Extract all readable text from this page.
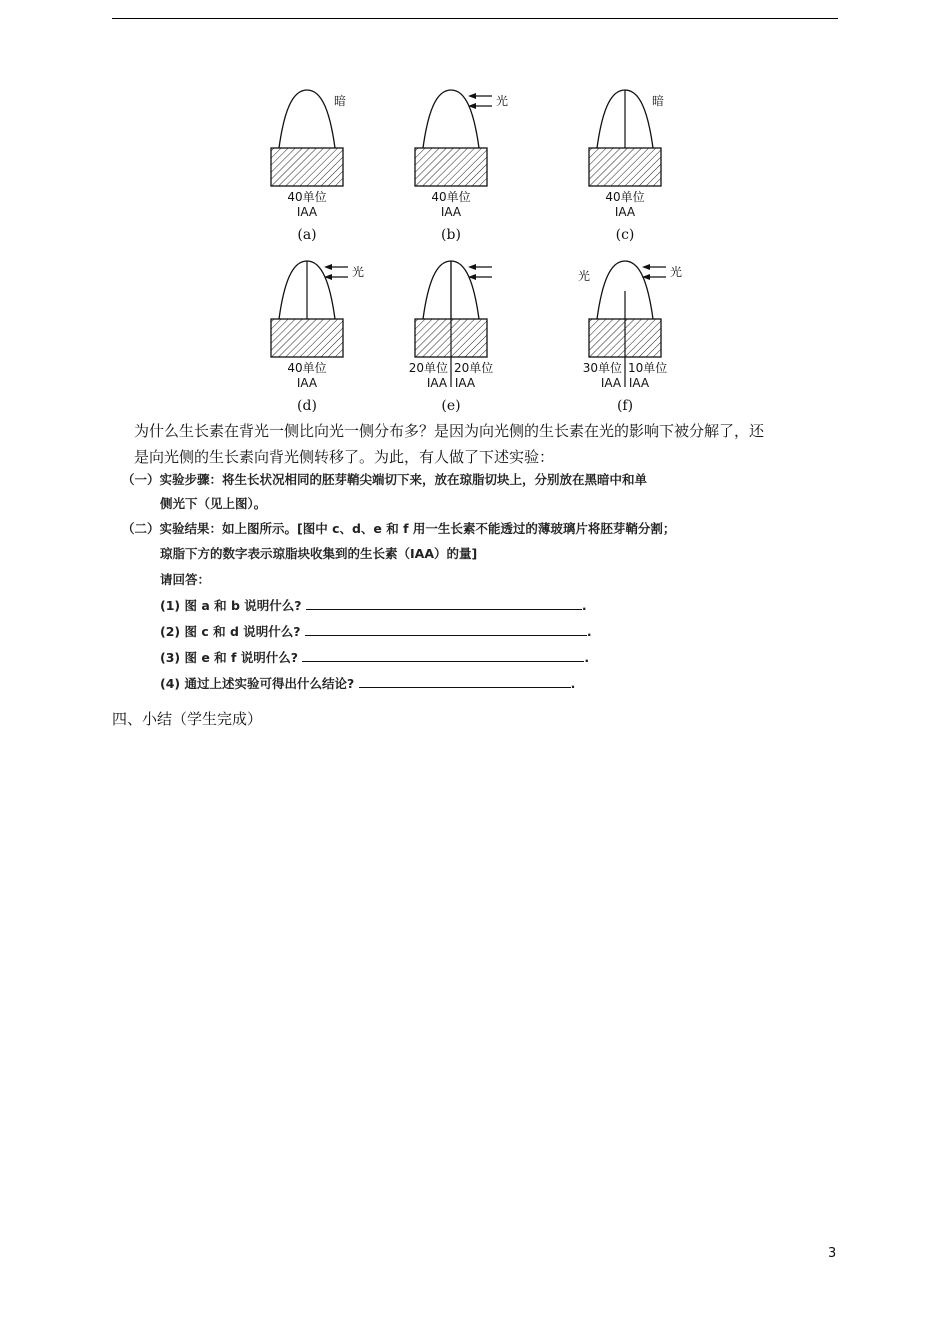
暗
40单位
IAA
(a)
光
40单位
IAA
(b)
暗
40单位
IAA
(c)
光
40单位
IAA
(d)
20单位
IAA
20单位
IAA
(e)
光
光
30单位
IAA
10单位
IAA
(f)
为什么生长素在背光一侧比向光一侧分布多？是因为向光侧的生长素在光的影响下被分解了，还
是向光侧的生长素向背光侧转移了。为此，有人做了下述实验：
（一）实验步骤：将生长状况相同的胚芽鞘尖端切下来，放在琼脂切块上，分别放在黑暗中和单
侧光下（见上图）。
（二）实验结果：如上图所示。[图中 c、d、e 和 f 用一生长素不能透过的薄玻璃片将胚芽鞘分割；
琼脂下方的数字表示琼脂块收集到的生长素（IAA）的量]
请回答：
(1) 图 a 和 b 说明什么?	.
(2) 图 c 和 d 说明什么?	.
(3) 图 e 和 f 说明什么?	.
(4) 通过上述实验可得出什么结论?	.

四、小结（学生完成）

3
